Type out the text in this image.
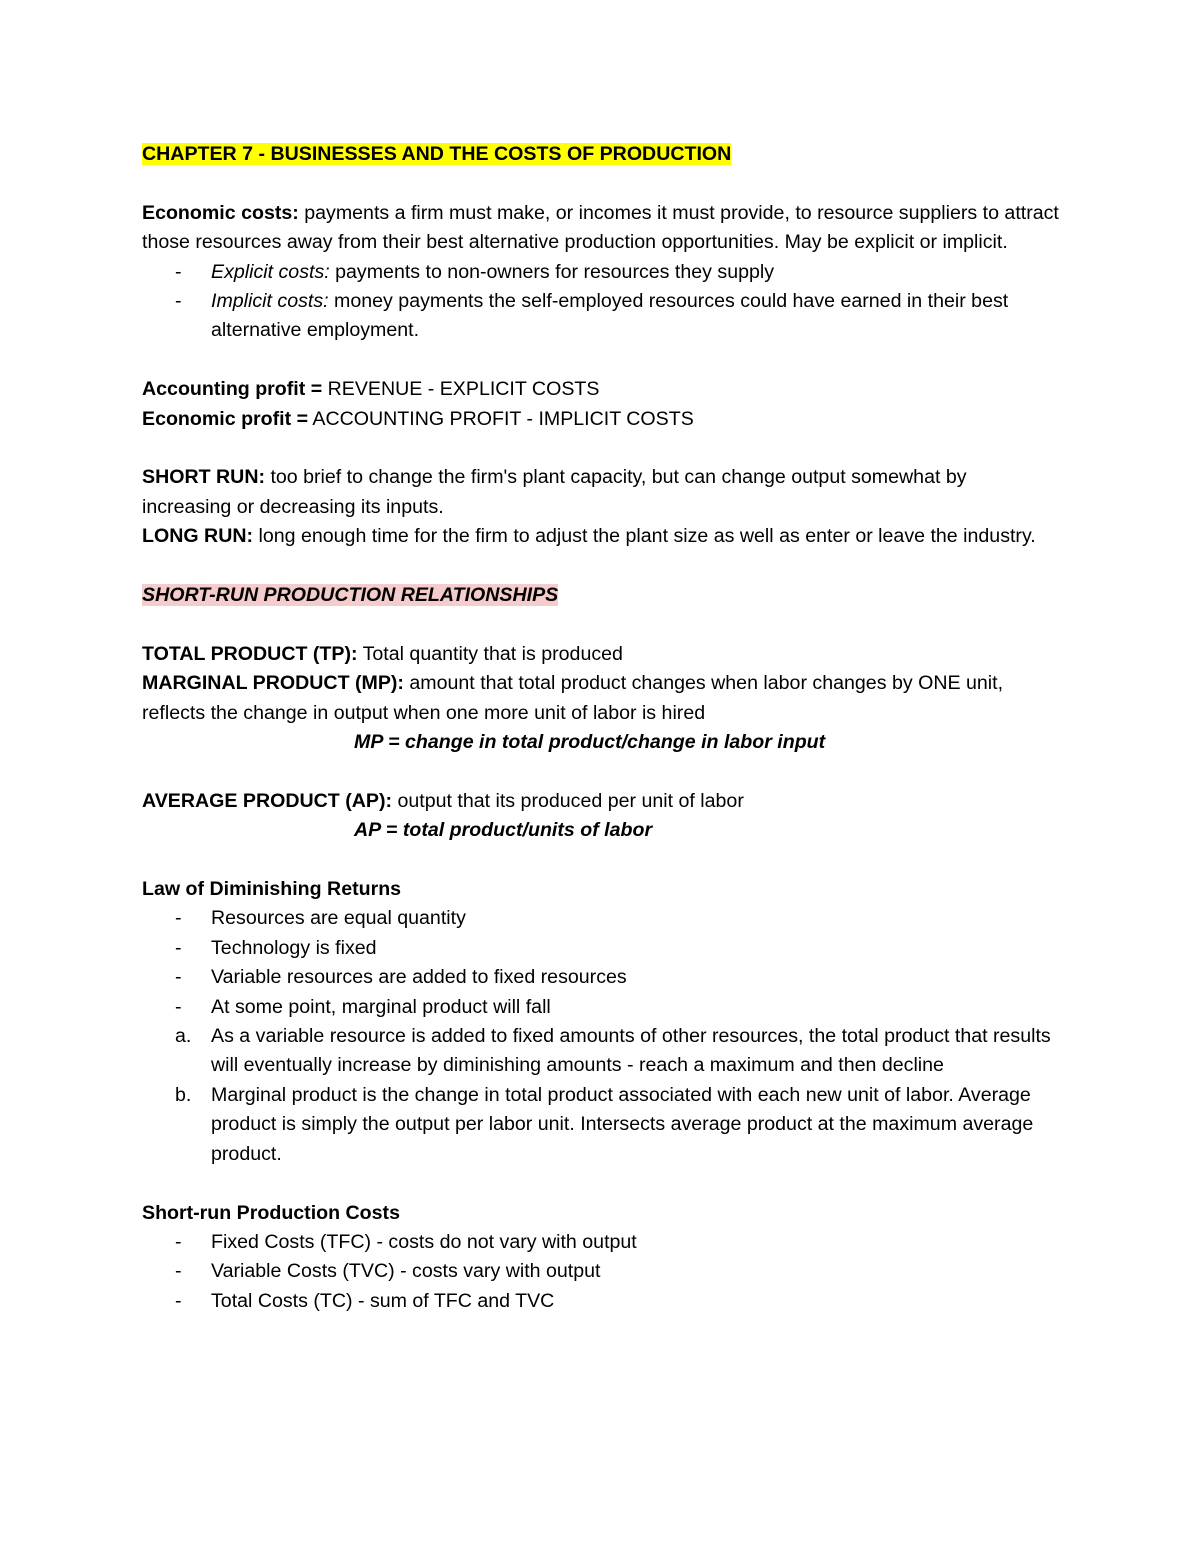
CHAPTER 7 - BUSINESSES AND THE COSTS OF PRODUCTION

Economic costs: payments a firm must make, or incomes it must provide, to resource suppliers to attract those resources away from their best alternative production opportunities. May be explicit or implicit.

- Explicit costs: payments to non-owners for resources they supply
- Implicit costs: money payments the self-employed resources could have earned in their best alternative employment.

Accounting profit = REVENUE - EXPLICIT COSTS

Economic profit = ACCOUNTING PROFIT - IMPLICIT COSTS

SHORT RUN: too brief to change the firm's plant capacity, but can change output somewhat by increasing or decreasing its inputs.

LONG RUN: long enough time for the firm to adjust the plant size as well as enter or leave the industry.

SHORT-RUN PRODUCTION RELATIONSHIPS

TOTAL PRODUCT (TP): Total quantity that is produced

MARGINAL PRODUCT (MP): amount that total product changes when labor changes by ONE unit, reflects the change in output when one more unit of labor is hired

MP = change in total product/change in labor input

AVERAGE PRODUCT (AP): output that its produced per unit of labor

AP = total product/units of labor

Law of Diminishing Returns

- Resources are equal quantity
- Technology is fixed
- Variable resources are added to fixed resources
- At some point, marginal product will fall
a. As a variable resource is added to fixed amounts of other resources, the total product that results will eventually increase by diminishing amounts - reach a maximum and then decline
b. Marginal product is the change in total product associated with each new unit of labor. Average product is simply the output per labor unit. Intersects average product at the maximum average product.

Short-run Production Costs

- Fixed Costs (TFC) - costs do not vary with output
- Variable Costs (TVC) - costs vary with output
- Total Costs (TC) - sum of TFC and TVC
